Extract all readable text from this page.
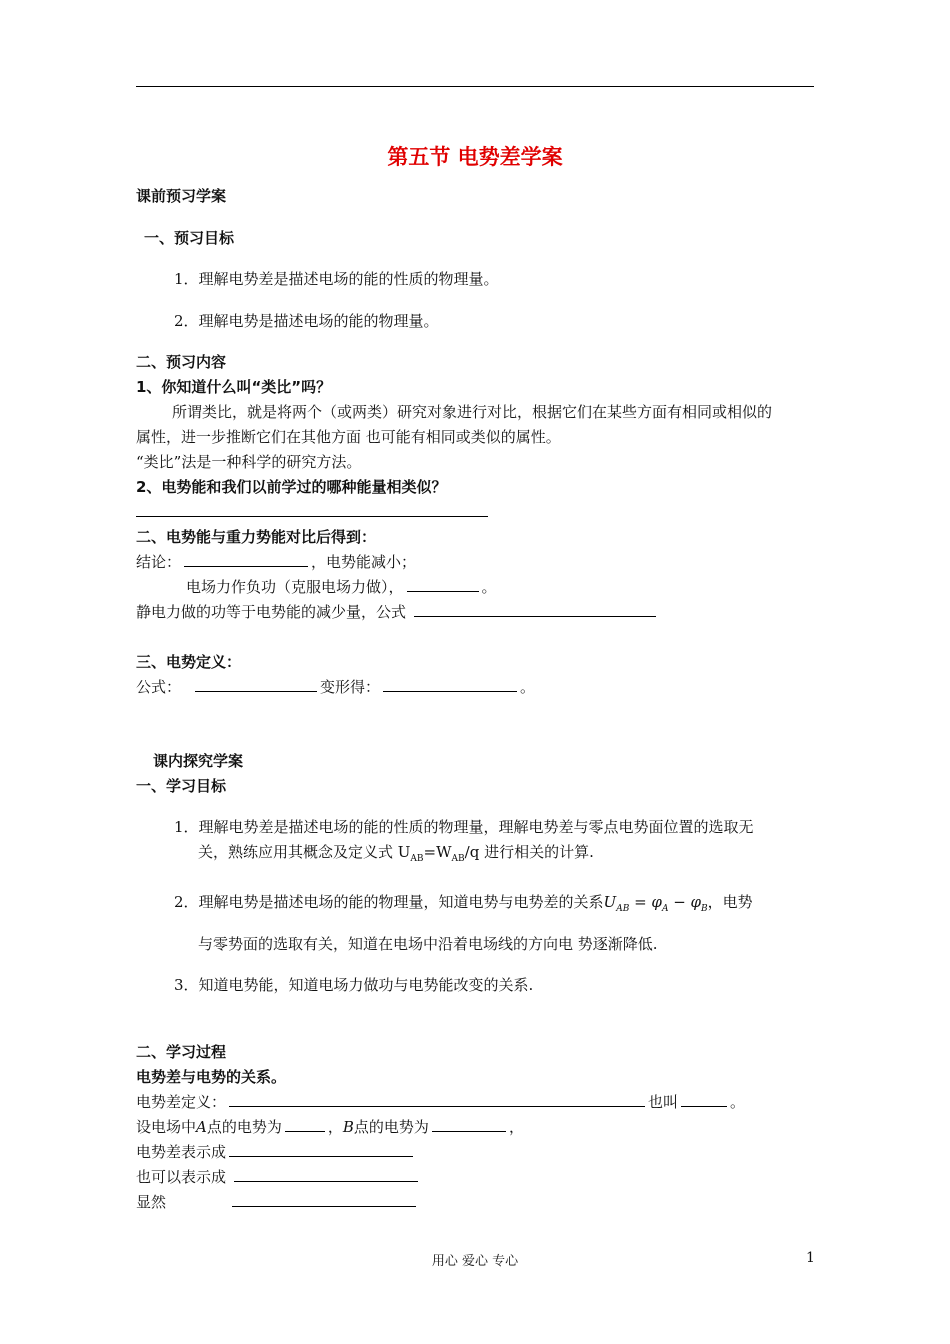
第五节 电势差学案
课前预习学案
一、预习目标
1．理解电势差是描述电场的能的性质的物理量。
2．理解电势是描述电场的能的物理量。
二、预习内容
1、你知道什么叫“类比”吗？
所谓类比，就是将两个（或两类）研究对象进行对比，根据它们在某些方面有相同或相似的
属性，进一步推断它们在其他方面 也可能有相同或类似的属性。
“类比”法是一种科学的研究方法。
2、电势能和我们以前学过的哪种能量相类似？
二、电势能与重力势能对比后得到：
结论：	，电势能减小；
电场力作负功（克服电场力做），	。
静电力做的功等于电势能的减少量，公式
三、电势定义：
公式：	变形得：	。
课内探究学案
一、学习目标
1．理解电势差是描述电场的能的性质的物理量，理解电势差与零点电势面位置的选取无
关，熟练应用其概念及定义式 $U_{AB}=W_{AB}/q$ 进行相关的计算.
2．理解电势是描述电场的能的物理量，知道电势与电势差的关系$U_{AB} = \varphi_A - \varphi_B$，电势
与零势面的选取有关，知道在电场中沿着电场线的方向电 势逐渐降低.
3．知道电势能，知道电场力做功与电势能改变的关系.
二、学习过程
电势差与电势的关系。
电势差定义：	也叫	。
设电场中A点的电势为	，B点的电势为	，
电势差表示成
也可以表示成
显然
用心 爱心 专心	1
